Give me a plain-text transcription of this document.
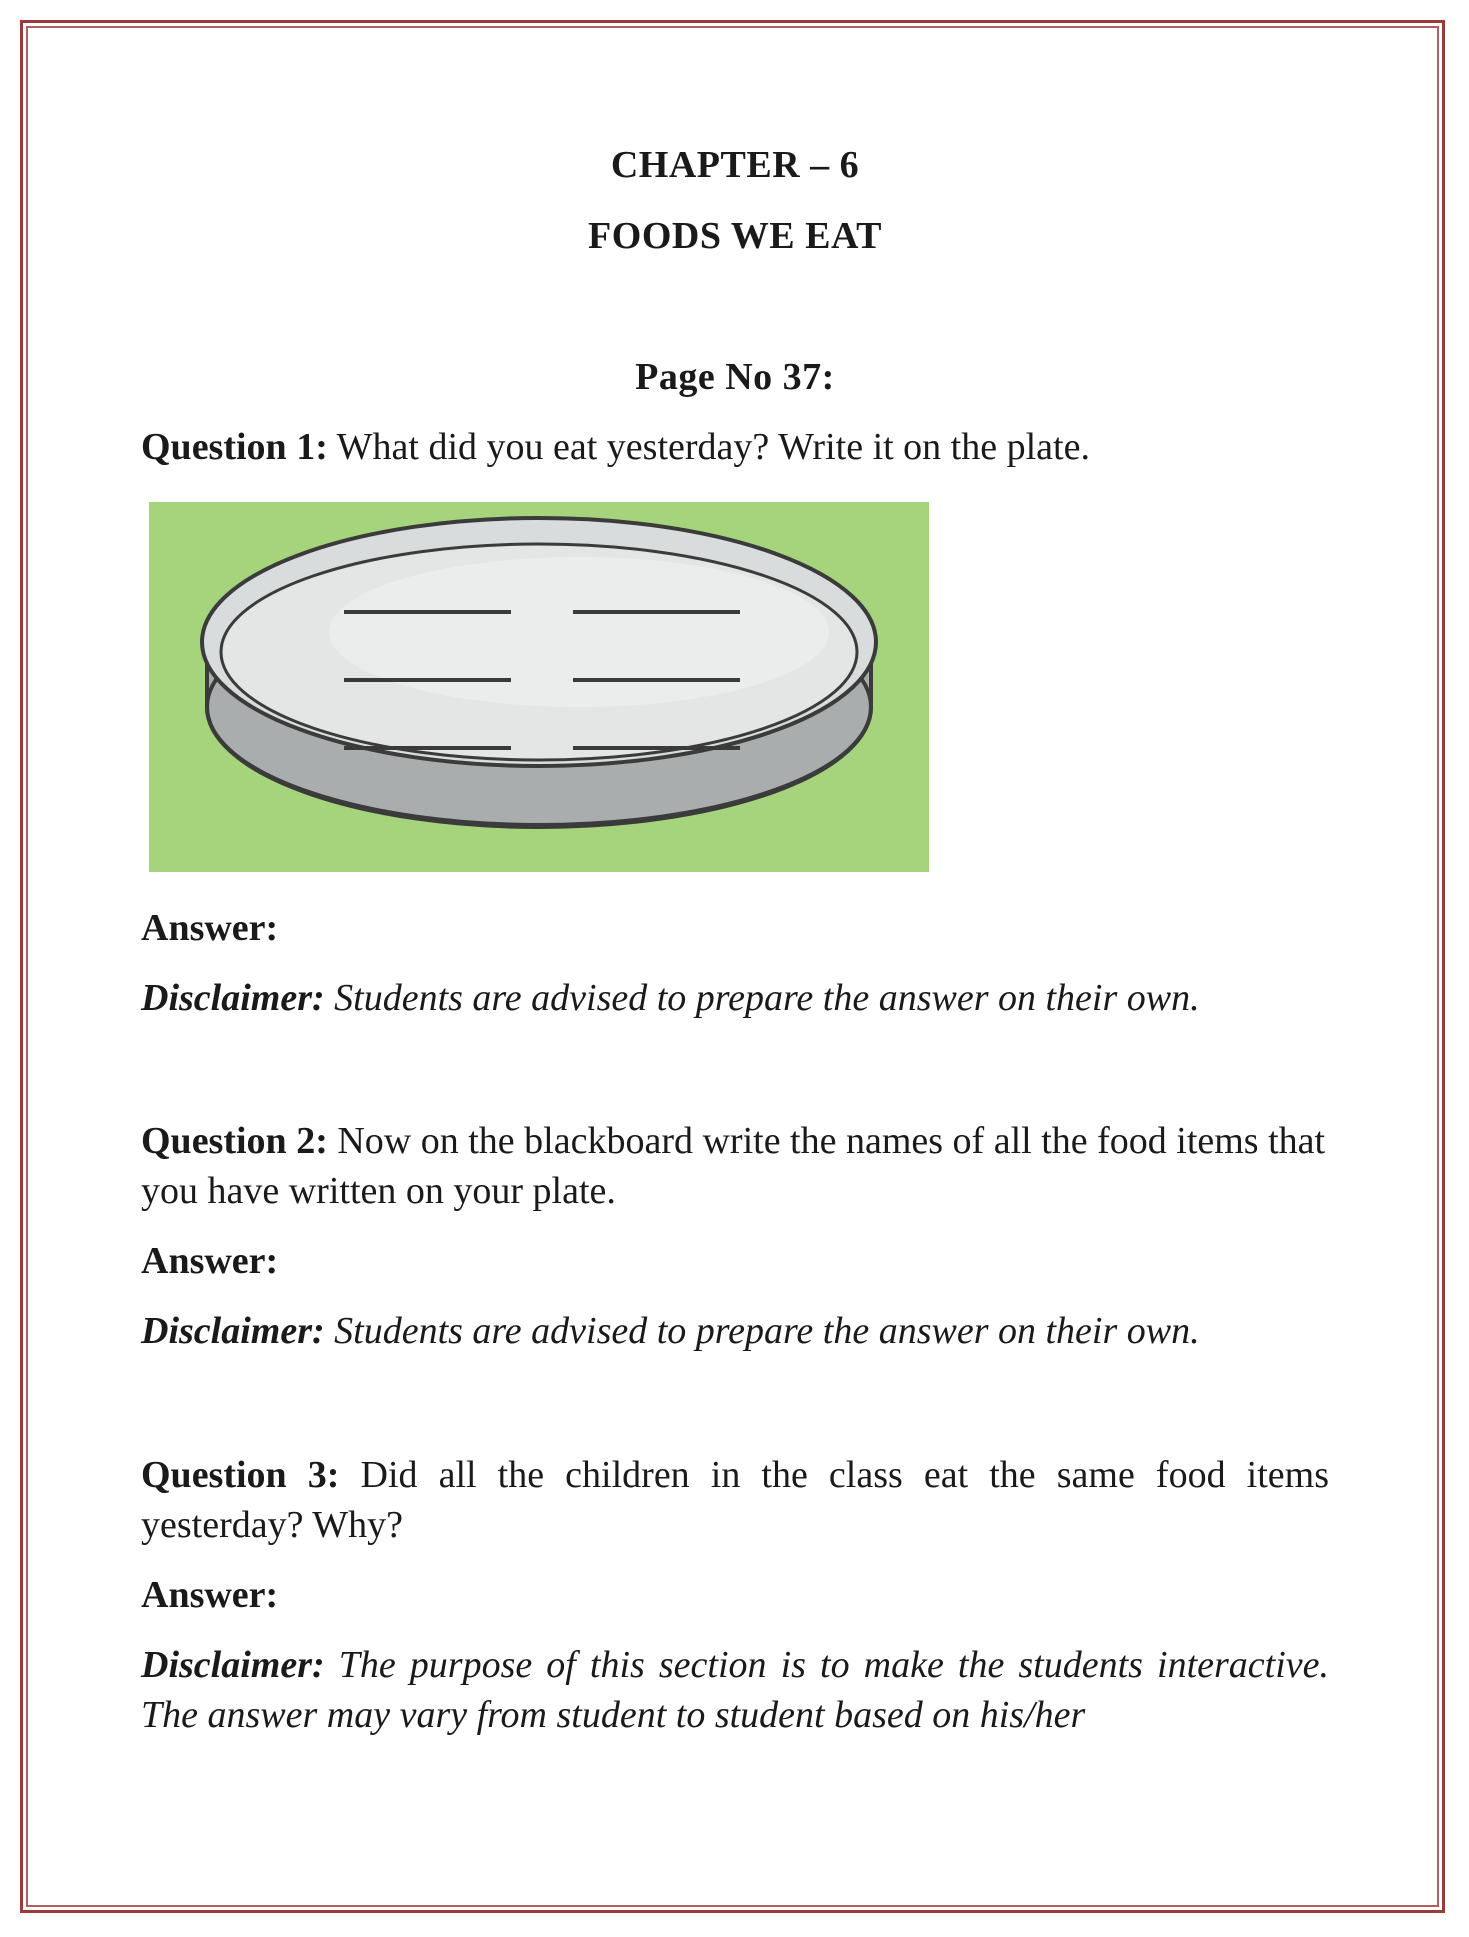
CHAPTER – 6
FOODS WE EAT
Page No 37:
Question 1: What did you eat yesterday? Write it on the plate.
Answer:
Disclaimer: Students are advised to prepare the answer on their own.
Question 2: Now on the blackboard write the names of all the food items that you have written on your plate.
Answer:
Disclaimer: Students are advised to prepare the answer on their own.
Question 3: Did all the children in the class eat the same food items yesterday? Why?
Answer:
Disclaimer: The purpose of this section is to make the students interactive. The answer may vary from student to student based on his/her
